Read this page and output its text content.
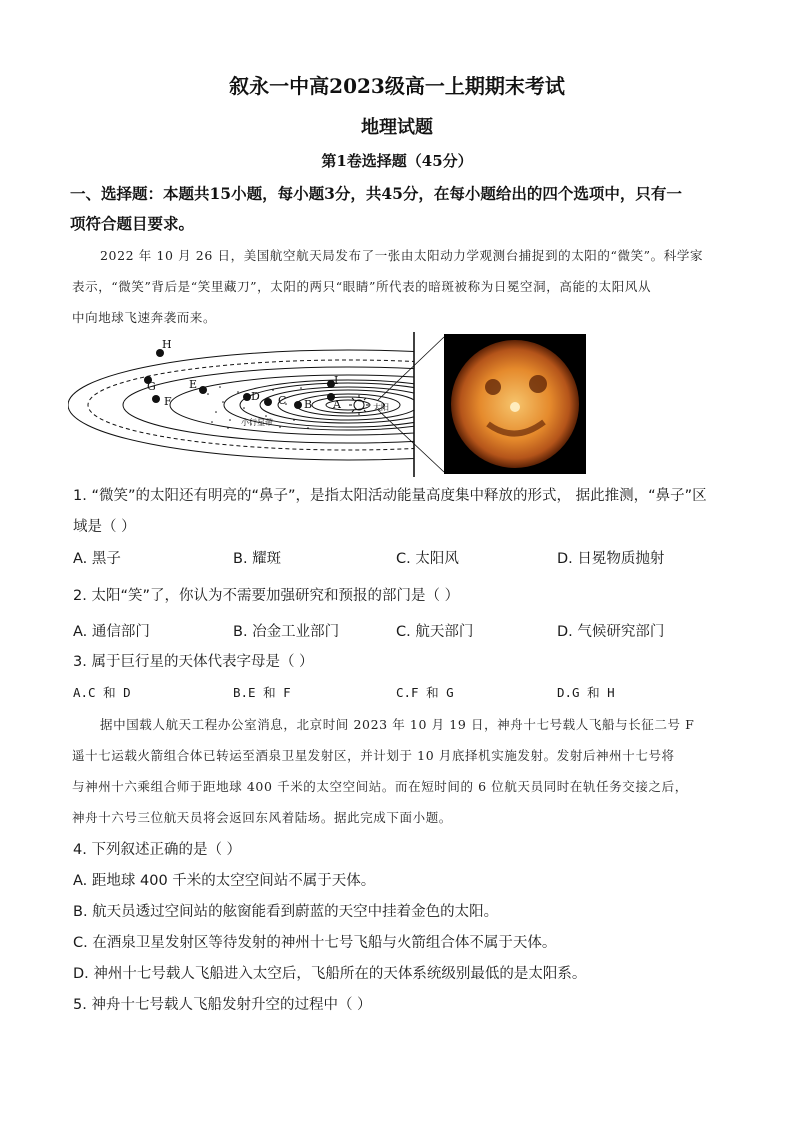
叙永一中高2023级高一上期期末考试
地理试题
第1卷选择题（45分）
一、选择题：本题共15小题，每小题3分，共45分，在每小题给出的四个选项中，只有一
项符合题目要求。
2022 年 10 月 26 日，美国航空航天局发布了一张由太阳动力学观测台捕捉到的太阳的“微笑”。科学家
表示，“微笑”背后是“笑里藏刀”，太阳的两只“眼睛”所代表的暗斑被称为日冕空洞，高能的太阳风从
中向地球飞速奔袭而来。
H
G
F
E
D C B A
I
太阳
小行星带
1. “微笑”的太阳还有明亮的“鼻子”，是指太阳活动能量高度集中释放的形式， 据此推测，“鼻子”区
域是（ ）
A. 黑子	B. 耀斑	C. 太阳风	D. 日冕物质抛射
2. 太阳“笑”了，你认为不需要加强研究和预报的部门是（ ）
A. 通信部门	B. 冶金工业部门	C. 航天部门	D. 气候研究部门
3. 属于巨行星的天体代表字母是（ ）
A.C 和 D	B.E 和 F	C.F 和 G	D.G 和 H
据中国载人航天工程办公室消息，北京时间 2023 年 10 月 19 日，神舟十七号载人飞船与长征二号 F
遥十七运载火箭组合体已转运至酒泉卫星发射区，并计划于 10 月底择机实施发射。发射后神州十七号将
与神州十六乘组合师于距地球 400 千米的太空空间站。而在短时间的 6 位航天员同时在轨任务交接之后，
神舟十六号三位航天员将会返回东风着陆场。据此完成下面小题。
4. 下列叙述正确的是（ ）
A. 距地球 400 千米的太空空间站不属于天体。
B. 航天员透过空间站的舷窗能看到蔚蓝的天空中挂着金色的太阳。
C. 在酒泉卫星发射区等待发射的神州十七号飞船与火箭组合体不属于天体。
D. 神州十七号载人飞船进入太空后，飞船所在的天体系统级别最低的是太阳系。
5. 神舟十七号载人飞船发射升空的过程中（ ）
